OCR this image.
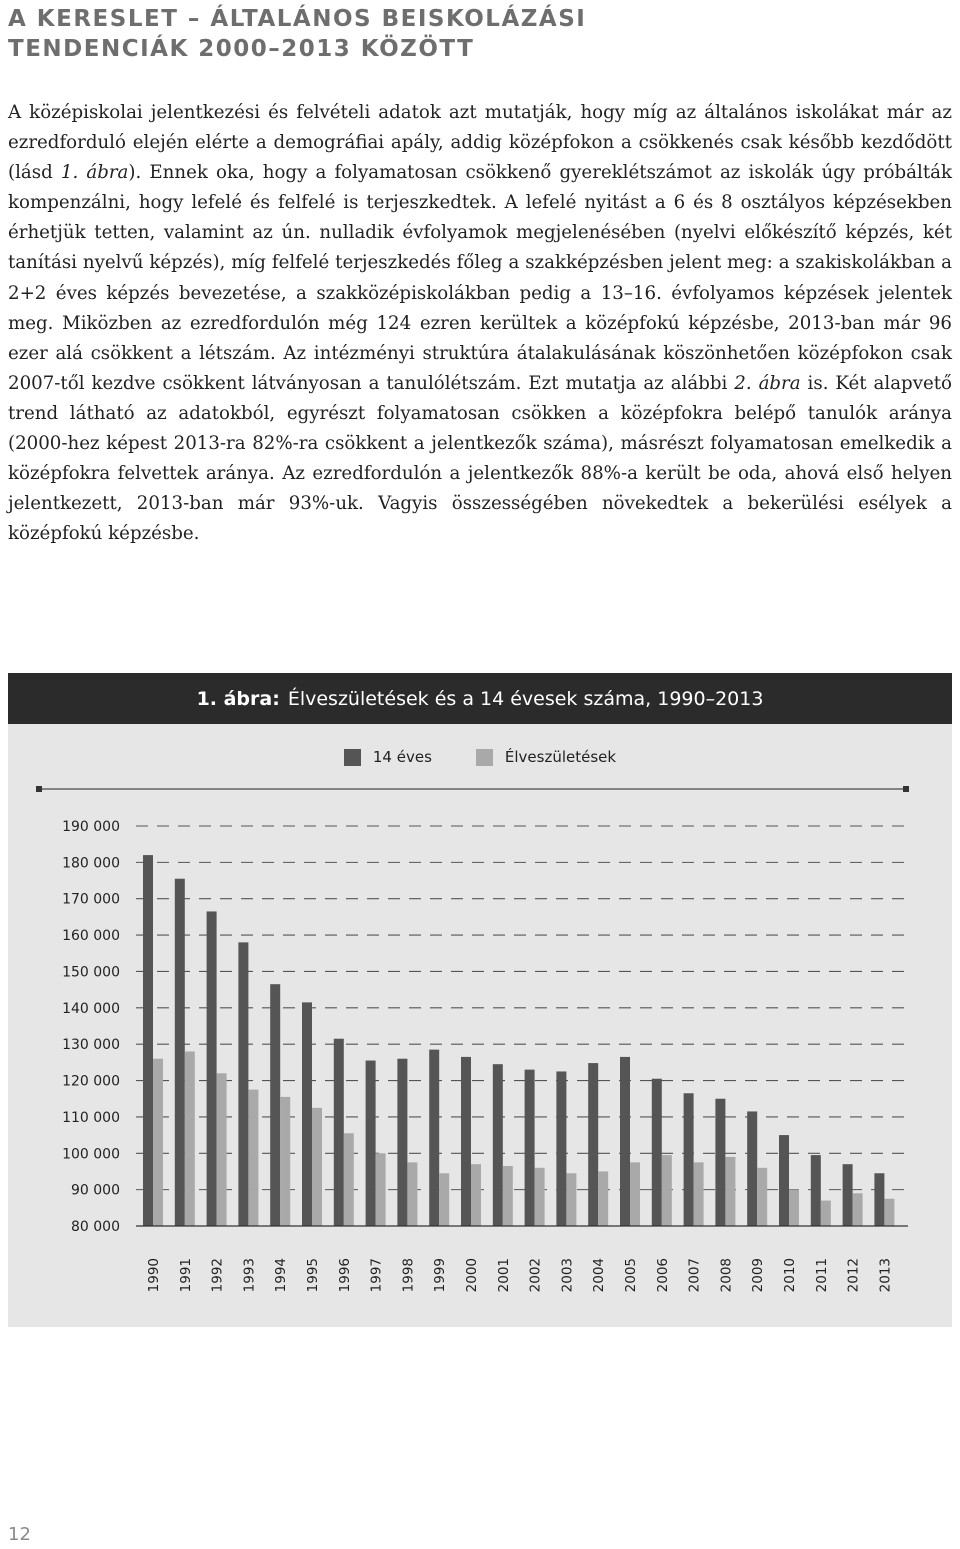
A KERESLET – ÁLTALÁNOS BEISKOLÁZÁSI
TENDENCIÁK 2000–2013 KÖZÖTT

A középiskolai jelentkezési és felvételi adatok azt mutatják, hogy míg az általános iskolákat már az ezredforduló elején elérte a demográfiai apály, addig középfokon a csökkenés csak később kezdődött (lásd 1. ábra). Ennek oka, hogy a folyamatosan csökkenő gyereklétszámot az iskolák úgy próbálták kompenzálni, hogy lefelé és felfelé is terjeszkedtek. A lefelé nyitást a 6 és 8 osztályos képzésekben érhetjük tetten, valamint az ún. nulladik évfolyamok megjelenésében (nyelvi előkészítő képzés, két tanítási nyelvű képzés), míg felfelé terjeszkedés főleg a szakképzésben jelent meg: a szakiskolákban a 2+2 éves képzés bevezetése, a szakközépiskolákban pedig a 13–16. évfolyamos képzések jelentek meg. Miközben az ezredfordulón még 124 ezren kerültek a középfokú képzésbe, 2013-ban már 96 ezer alá csökkent a létszám. Az intézményi struktúra átalakulásának köszönhetően középfokon csak 2007-től kezdve csökkent látványosan a tanulólétszám. Ezt mutatja az alábbi 2. ábra is. Két alapvető trend látható az adatokból, egyrészt folyamatosan csökken a középfokra belépő tanulók aránya (2000-hez képest 2013-ra 82%-ra csökkent a jelentkezők száma), másrészt folyamatosan emelkedik a középfokra felvettek aránya. Az ezredfordulón a jelentkezők 88%-a került be oda, ahová első helyen jelentkezett, 2013-ban már 93%-uk. Vagyis összességében növekedtek a bekerülési esélyek a középfokú képzésbe.

1. ábra: Élveszületések és a 14 évesek száma, 1990–2013
14 éves	Élveszületések
80 000
90 000
100 000
110 000
120 000
130 000
140 000
150 000
160 000
170 000
180 000
190 000
1990 1991 1992 1993 1994 1995 1996 1997 1998 1999 2000 2001 2002 2003 2004 2005 2006 2007 2008 2009 2010 2011 2012 2013
12
